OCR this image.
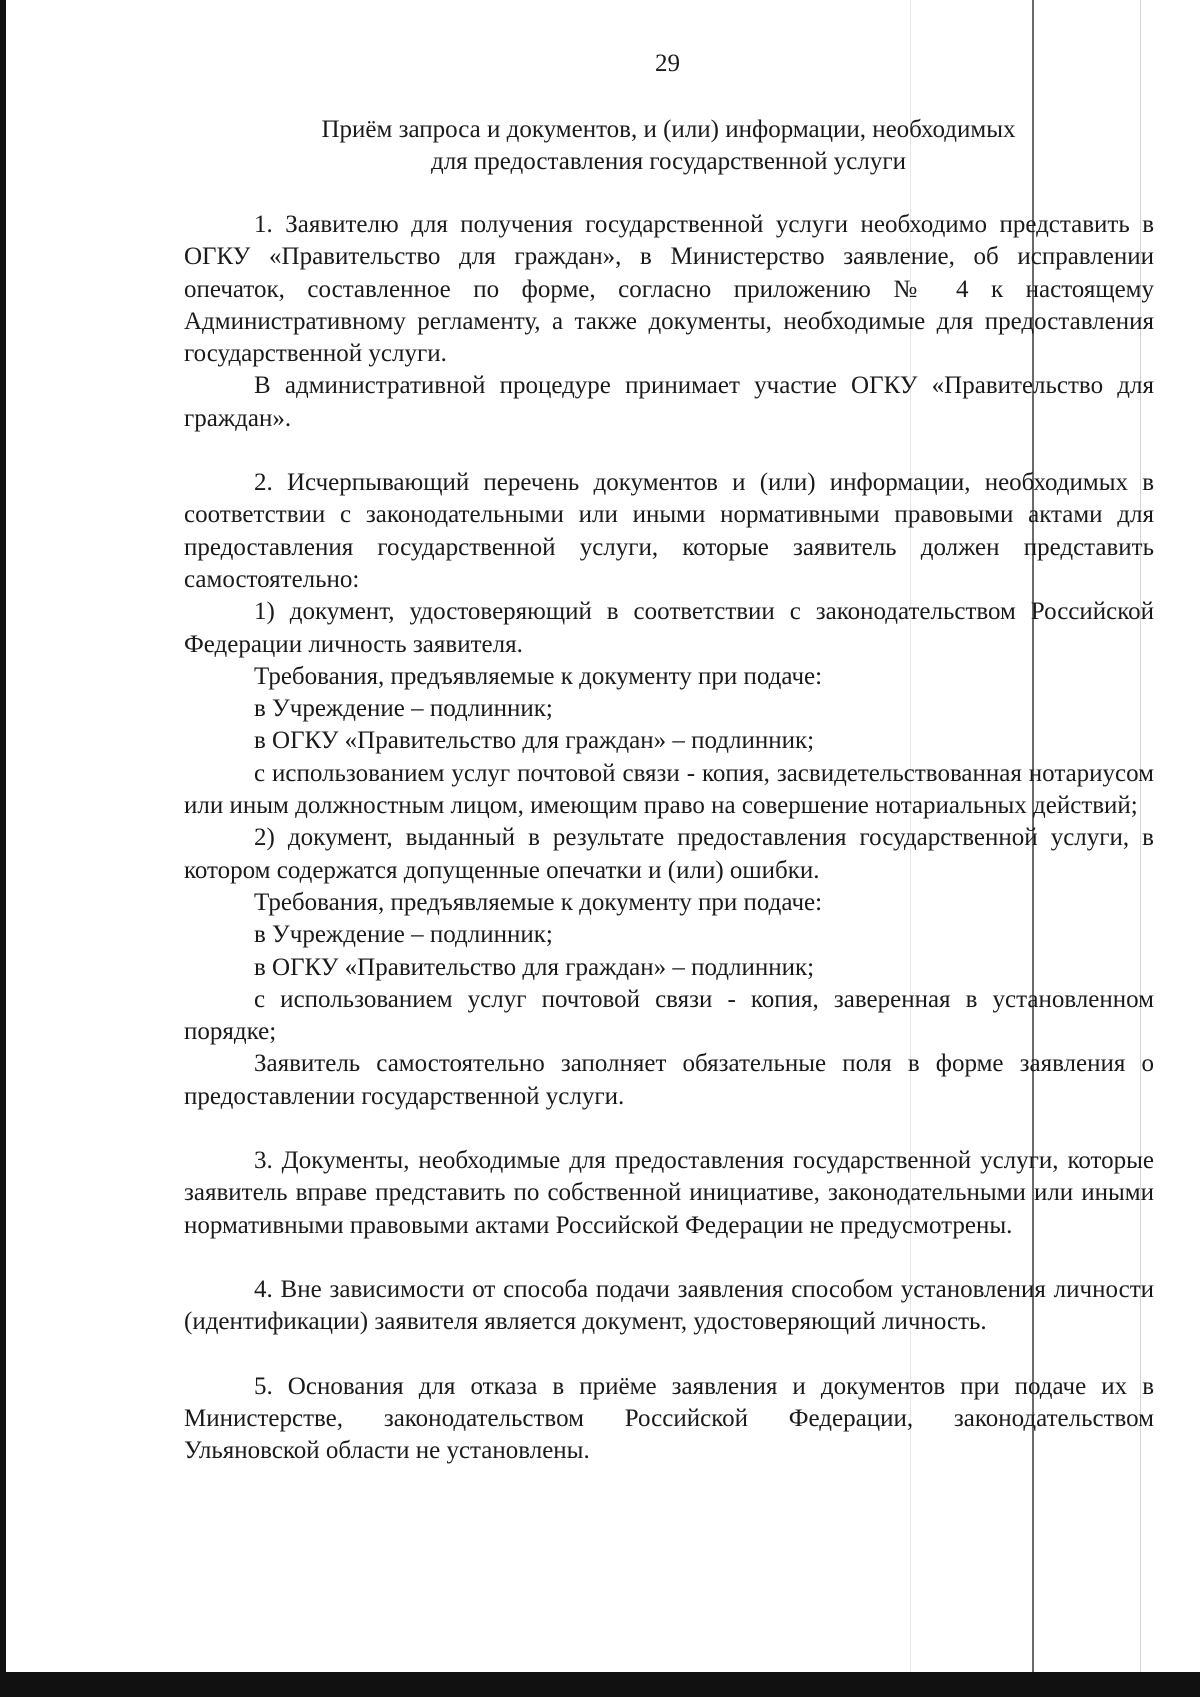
29

Приём запроса и документов, и (или) информации, необходимых

для предоставления государственной услуги

1. Заявителю для получения государственной услуги необходимо представить в ОГКУ «Правительство для граждан», в Министерство заявление, об исправлении опечаток, составленное по форме, согласно приложению № 4 к настоящему Административному регламенту, а также документы, необходимые для предоставления государственной услуги.

В административной процедуре принимает участие ОГКУ «Правительство для граждан».

2. Исчерпывающий перечень документов и (или) информации, необходимых в соответствии с законодательными или иными нормативными правовыми актами для предоставления государственной услуги, которые заявитель должен представить самостоятельно:

1) документ, удостоверяющий в соответствии с законодательством Российской Федерации личность заявителя.

Требования, предъявляемые к документу при подаче:

в Учреждение – подлинник;

в ОГКУ «Правительство для граждан» – подлинник;

с использованием услуг почтовой связи - копия, засвидетельствованная нотариусом или иным должностным лицом, имеющим право на совершение нотариальных действий;

2) документ, выданный в результате предоставления государственной услуги, в котором содержатся допущенные опечатки и (или) ошибки.

Требования, предъявляемые к документу при подаче:

в Учреждение – подлинник;

в ОГКУ «Правительство для граждан» – подлинник;

с использованием услуг почтовой связи - копия, заверенная в установленном порядке;

Заявитель самостоятельно заполняет обязательные поля в форме заявления о предоставлении государственной услуги.

3. Документы, необходимые для предоставления государственной услуги, которые заявитель вправе представить по собственной инициативе, законодательными или иными нормативными правовыми актами Российской Федерации не предусмотрены.

4. Вне зависимости от способа подачи заявления способом установления личности (идентификации) заявителя является документ, удостоверяющий личность.

5. Основания для отказа в приёме заявления и документов при подаче их в Министерстве, законодательством Российской Федерации, законодательством Ульяновской области не установлены.
